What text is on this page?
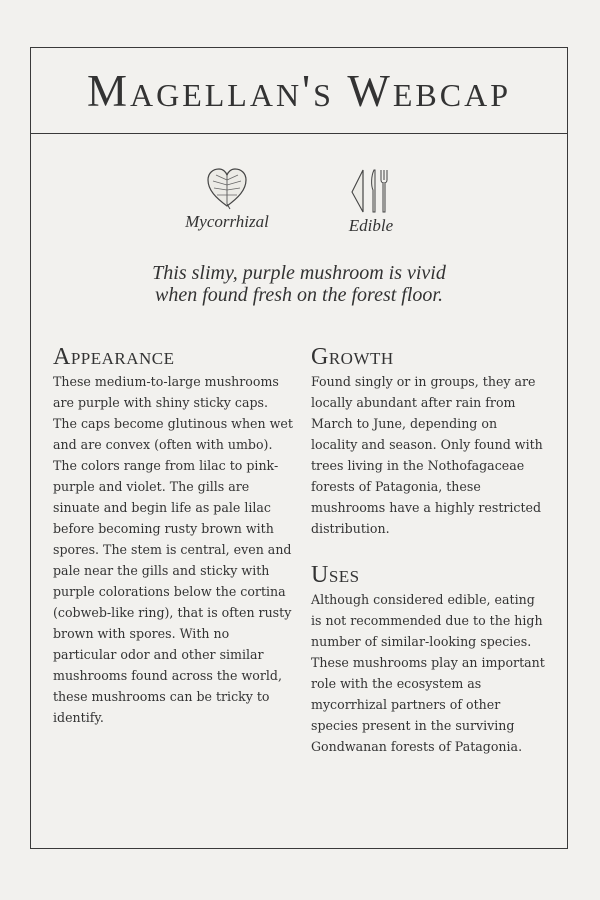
Magellan's Webcap
Mycorrhizal	Edible
This slimy, purple mushroom is vivid
when found fresh on the forest floor.
Appearance

These medium-to-large mushrooms are purple with shiny sticky caps. The caps become glutinous when wet and are convex (often with umbo). The colors range from lilac to pink-purple and violet. The gills are sinuate and begin life as pale lilac before becoming rusty brown with spores. The stem is central, even and pale near the gills and sticky with purple colorations below the cortina (cobweb-like ring), that is often rusty brown with spores. With no particular odor and other similar mushrooms found across the world, these mushrooms can be tricky to identify.

Growth

Found singly or in groups, they are locally abundant after rain from March to June, depending on locality and season. Only found with trees living in the Nothofagaceae forests of Patagonia, these mushrooms have a highly restricted distribution.

Uses

Although considered edible, eating is not recommended due to the high number of similar-looking species. These mushrooms play an important role with the ecosystem as mycorrhizal partners of other species present in the surviving Gondwanan forests of Patagonia.
